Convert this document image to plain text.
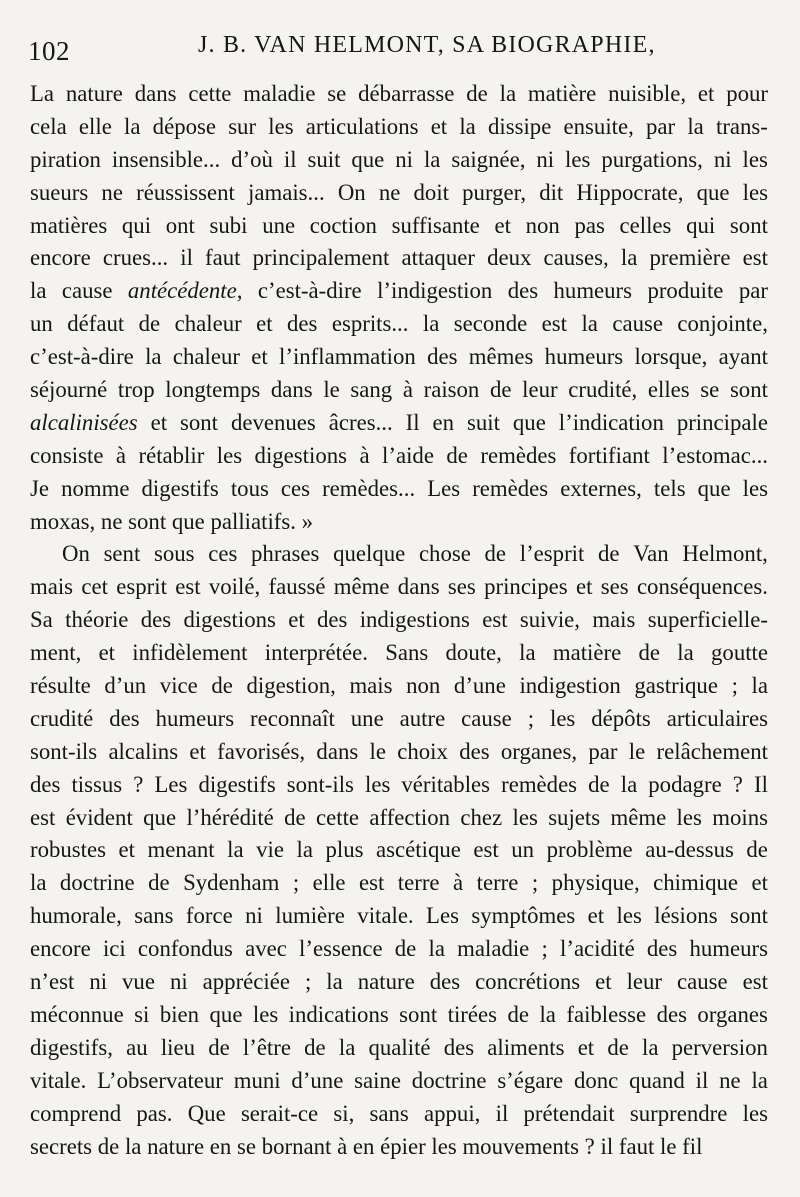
102	J. B. VAN HELMONT, SA BIOGRAPHIE,
La nature dans cette maladie se débarrasse de la matière nuisible, et pour
cela elle la dépose sur les articulations et la dissipe ensuite, par la trans-
piration insensible... d’où il suit que ni la saignée, ni les purgations, ni les
sueurs ne réussissent jamais... On ne doit purger, dit Hippocrate, que les
matières qui ont subi une coction suffisante et non pas celles qui sont
encore crues... il faut principalement attaquer deux causes, la première est
la cause antécédente, c’est-à-dire l’indigestion des humeurs produite par
un défaut de chaleur et des esprits... la seconde est la cause conjointe,
c’est-à-dire la chaleur et l’inflammation des mêmes humeurs lorsque, ayant
séjourné trop longtemps dans le sang à raison de leur crudité, elles se sont
alcalinisées et sont devenues âcres... Il en suit que l’indication principale
consiste à rétablir les digestions à l’aide de remèdes fortifiant l’estomac...
Je nomme digestifs tous ces remèdes... Les remèdes externes, tels que les
moxas, ne sont que palliatifs. »
On sent sous ces phrases quelque chose de l’esprit de Van Helmont,
mais cet esprit est voilé, faussé même dans ses principes et ses conséquences.
Sa théorie des digestions et des indigestions est suivie, mais superficielle-
ment, et infidèlement interprétée. Sans doute, la matière de la goutte
résulte d’un vice de digestion, mais non d’une indigestion gastrique ; la
crudité des humeurs reconnaît une autre cause ; les dépôts articulaires
sont-ils alcalins et favorisés, dans le choix des organes, par le relâchement
des tissus ? Les digestifs sont-ils les véritables remèdes de la podagre ? Il
est évident que l’hérédité de cette affection chez les sujets même les moins
robustes et menant la vie la plus ascétique est un problème au-dessus de
la doctrine de Sydenham ; elle est terre à terre ; physique, chimique et
humorale, sans force ni lumière vitale. Les symptômes et les lésions sont
encore ici confondus avec l’essence de la maladie ; l’acidité des humeurs
n’est ni vue ni appréciée ; la nature des concrétions et leur cause est
méconnue si bien que les indications sont tirées de la faiblesse des organes
digestifs, au lieu de l’être de la qualité des aliments et de la perversion
vitale. L’observateur muni d’une saine doctrine s’égare donc quand il ne la
comprend pas. Que serait-ce si, sans appui, il prétendait surprendre les
secrets de la nature en se bornant à en épier les mouvements ? il faut le fil
